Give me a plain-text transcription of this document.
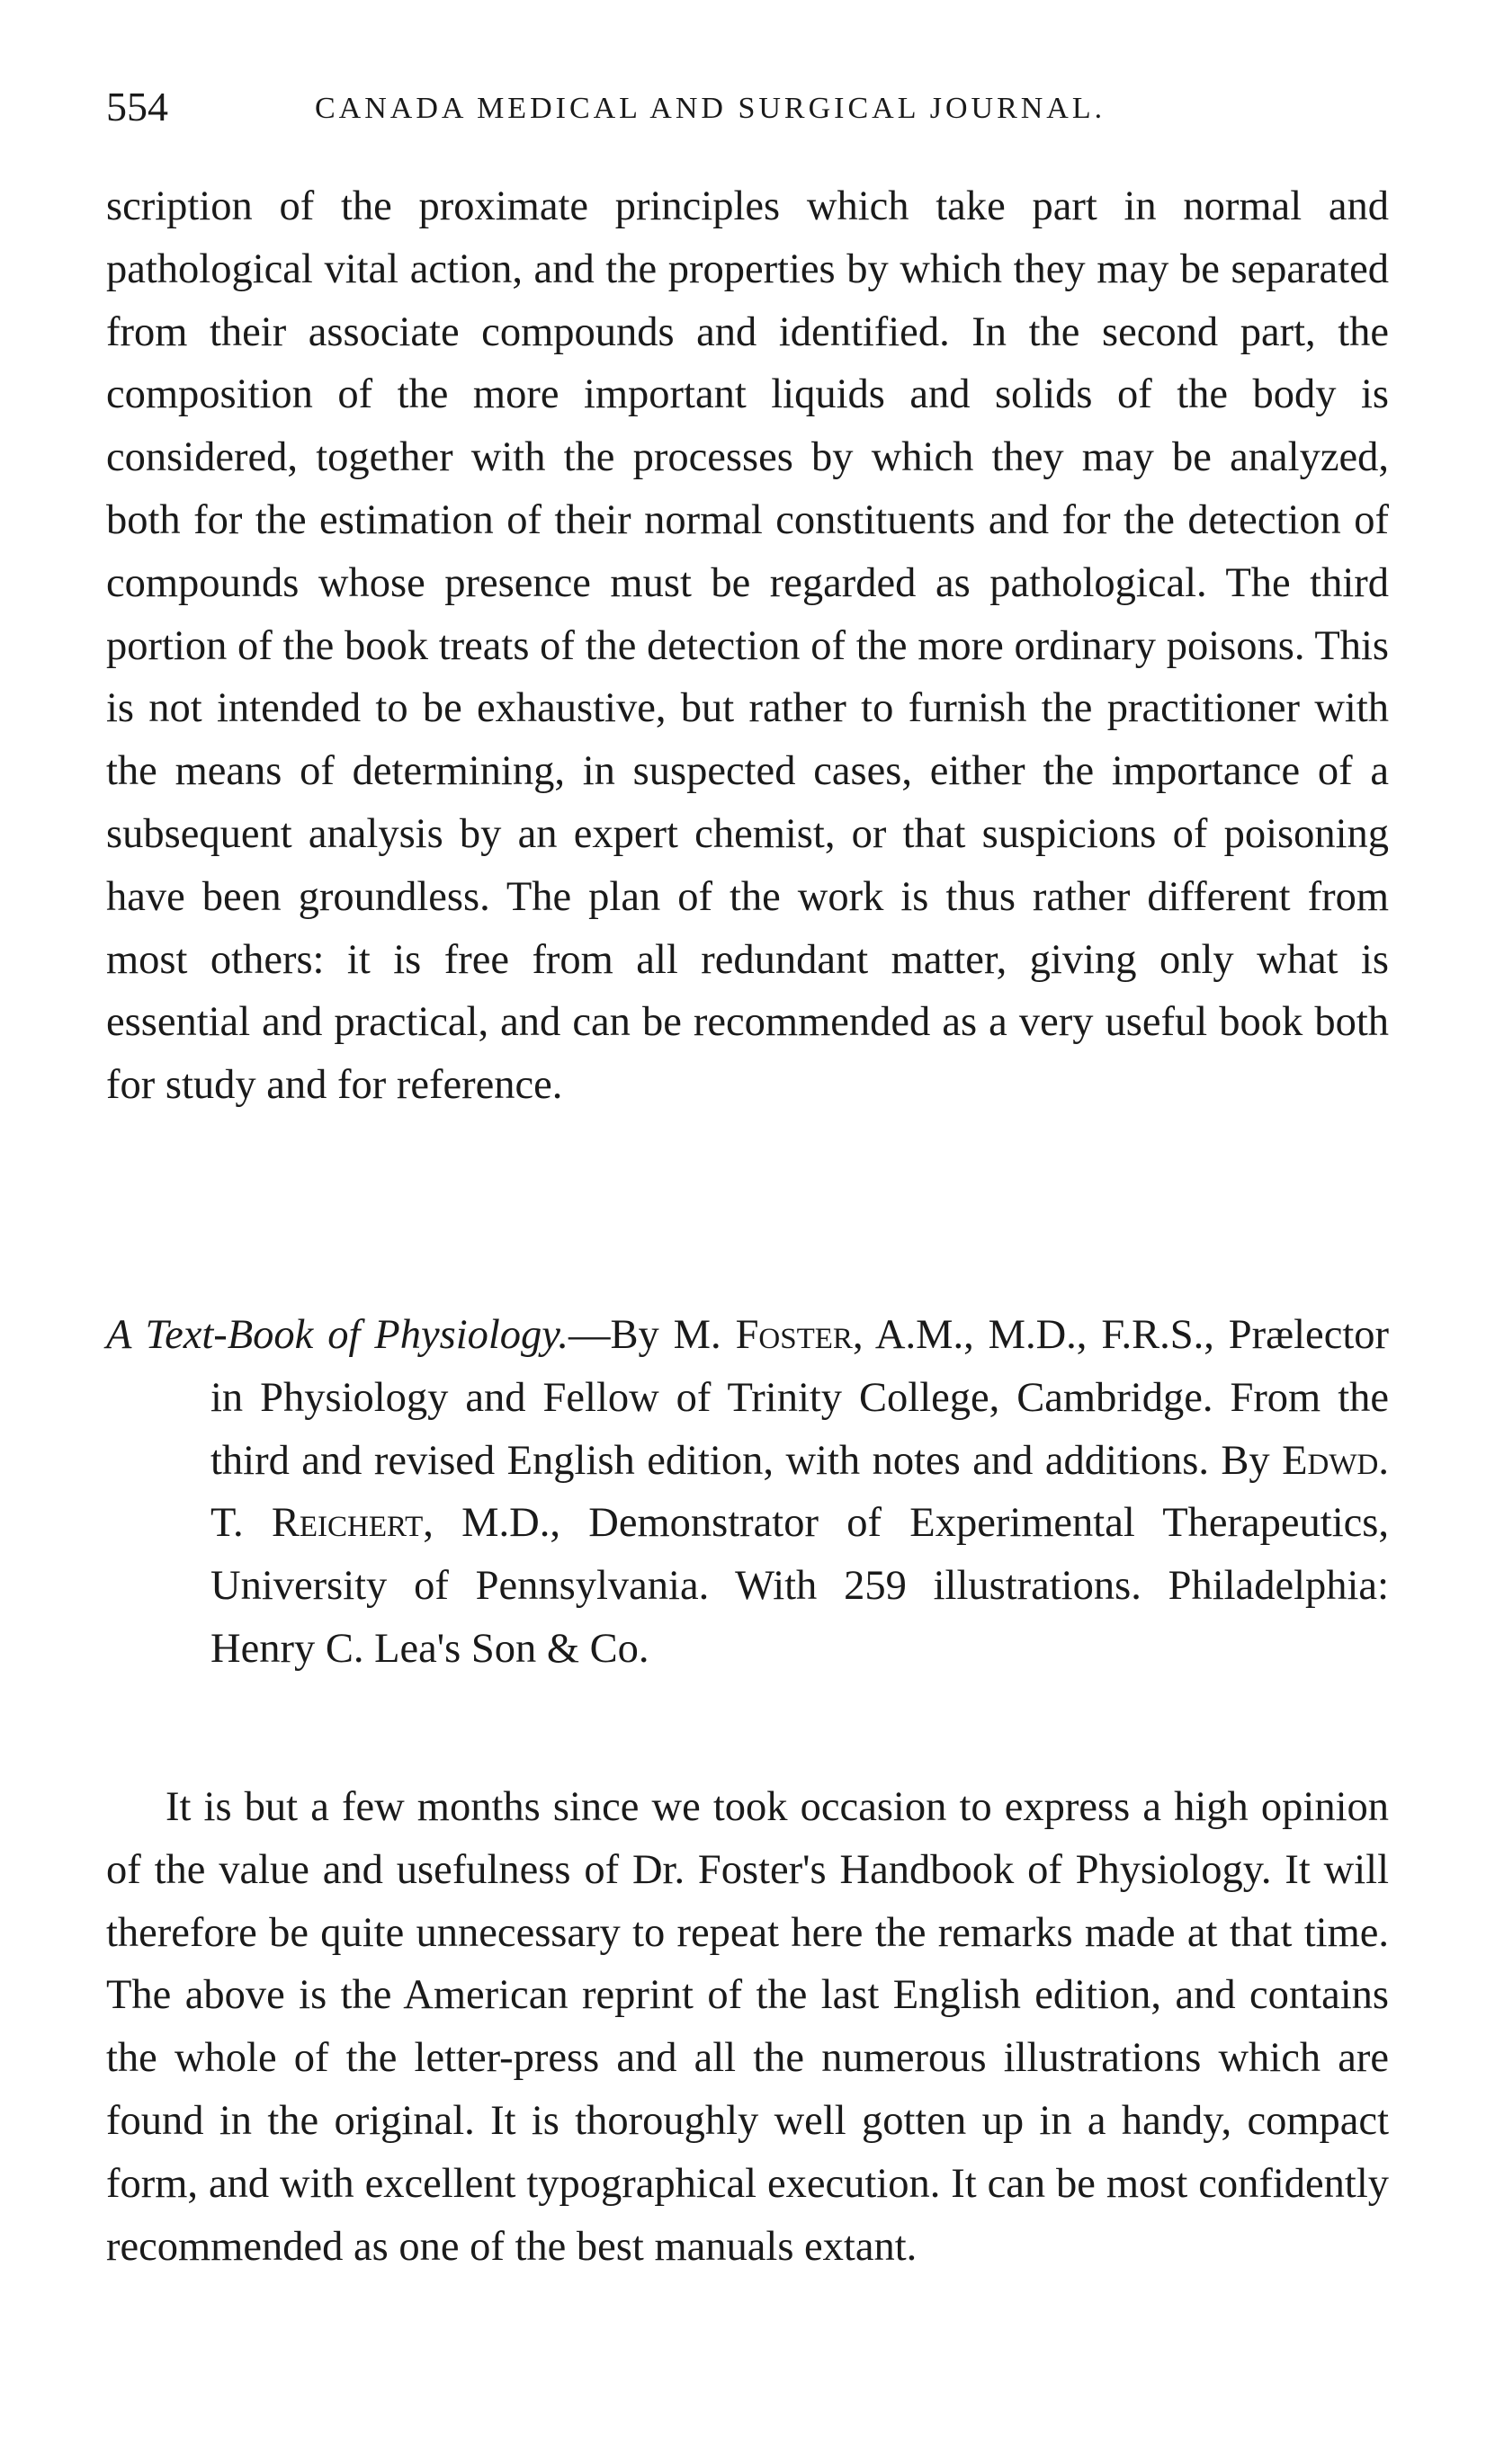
554	CANADA MEDICAL AND SURGICAL JOURNAL.

scription of the proximate principles which take part in normal and pathological vital action, and the properties by which they may be separated from their associate compounds and identified. In the second part, the composition of the more important liquids and solids of the body is considered, together with the processes by which they may be analyzed, both for the estimation of their normal constituents and for the detection of compounds whose presence must be regarded as pathological. The third portion of the book treats of the detection of the more ordinary poisons. This is not intended to be exhaustive, but rather to furnish the practitioner with the means of determining, in suspected cases, either the importance of a subsequent analysis by an expert chemist, or that suspicions of poisoning have been groundless. The plan of the work is thus rather different from most others: it is free from all redundant matter, giving only what is essential and practical, and can be recommended as a very useful book both for study and for reference.

A Text-Book of Physiology.—By M. Foster, A.M., M.D., F.R.S., Prælector in Physiology and Fellow of Trinity College, Cambridge. From the third and revised English edition, with notes and additions. By Edwd. T. Reichert, M.D., Demonstrator of Experimental Therapeutics, University of Pennsylvania. With 259 illustrations. Philadelphia: Henry C. Lea's Son & Co.

It is but a few months since we took occasion to express a high opinion of the value and usefulness of Dr. Foster's Handbook of Physiology. It will therefore be quite unnecessary to repeat here the remarks made at that time. The above is the American reprint of the last English edition, and contains the whole of the letter-press and all the numerous illustrations which are found in the original. It is thoroughly well gotten up in a handy, compact form, and with excellent typographical execution. It can be most confidently recommended as one of the best manuals extant.
